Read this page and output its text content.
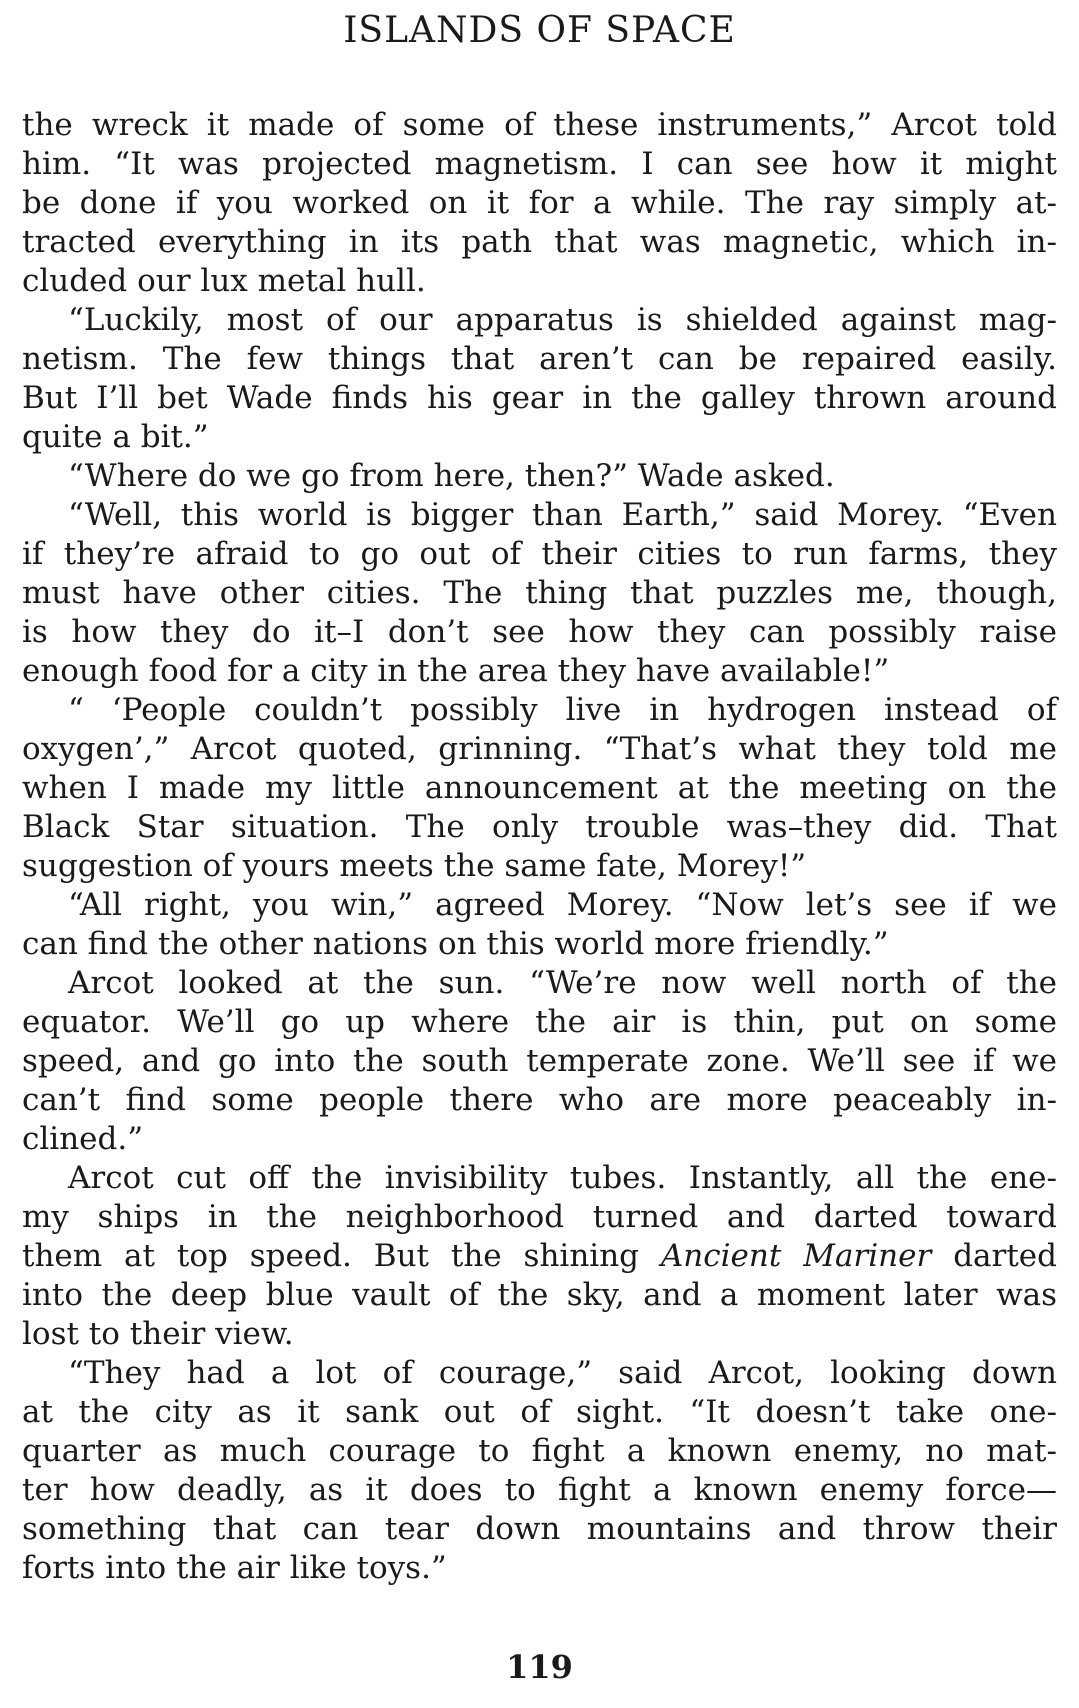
ISLANDS OF SPACE
the wreck it made of some of these instruments,” Arcot told
him. “It was projected magnetism. I can see how it might
be done if you worked on it for a while. The ray simply at-
tracted everything in its path that was magnetic, which in-
cluded our lux metal hull.
“Luckily, most of our apparatus is shielded against mag-
netism. The few things that aren’t can be repaired easily.
But I’ll bet Wade finds his gear in the galley thrown around
quite a bit.”
“Where do we go from here, then?” Wade asked.
“Well, this world is bigger than Earth,” said Morey. “Even
if they’re afraid to go out of their cities to run farms, they
must have other cities. The thing that puzzles me, though,
is how they do it–I don’t see how they can possibly raise
enough food for a city in the area they have available!”
“ ‘People couldn’t possibly live in hydrogen instead of
oxygen’,” Arcot quoted, grinning. “That’s what they told me
when I made my little announcement at the meeting on the
Black Star situation. The only trouble was–they did. That
suggestion of yours meets the same fate, Morey!”
“All right, you win,” agreed Morey. “Now let’s see if we
can find the other nations on this world more friendly.”
Arcot looked at the sun. “We’re now well north of the
equator. We’ll go up where the air is thin, put on some
speed, and go into the south temperate zone. We’ll see if we
can’t find some people there who are more peaceably in-
clined.”
Arcot cut off the invisibility tubes. Instantly, all the ene-
my ships in the neighborhood turned and darted toward
them at top speed. But the shining Ancient Mariner darted
into the deep blue vault of the sky, and a moment later was
lost to their view.
“They had a lot of courage,” said Arcot, looking down
at the city as it sank out of sight. “It doesn’t take one-
quarter as much courage to fight a known enemy, no mat-
ter how deadly, as it does to fight a known enemy force—
something that can tear down mountains and throw their
forts into the air like toys.”
119
